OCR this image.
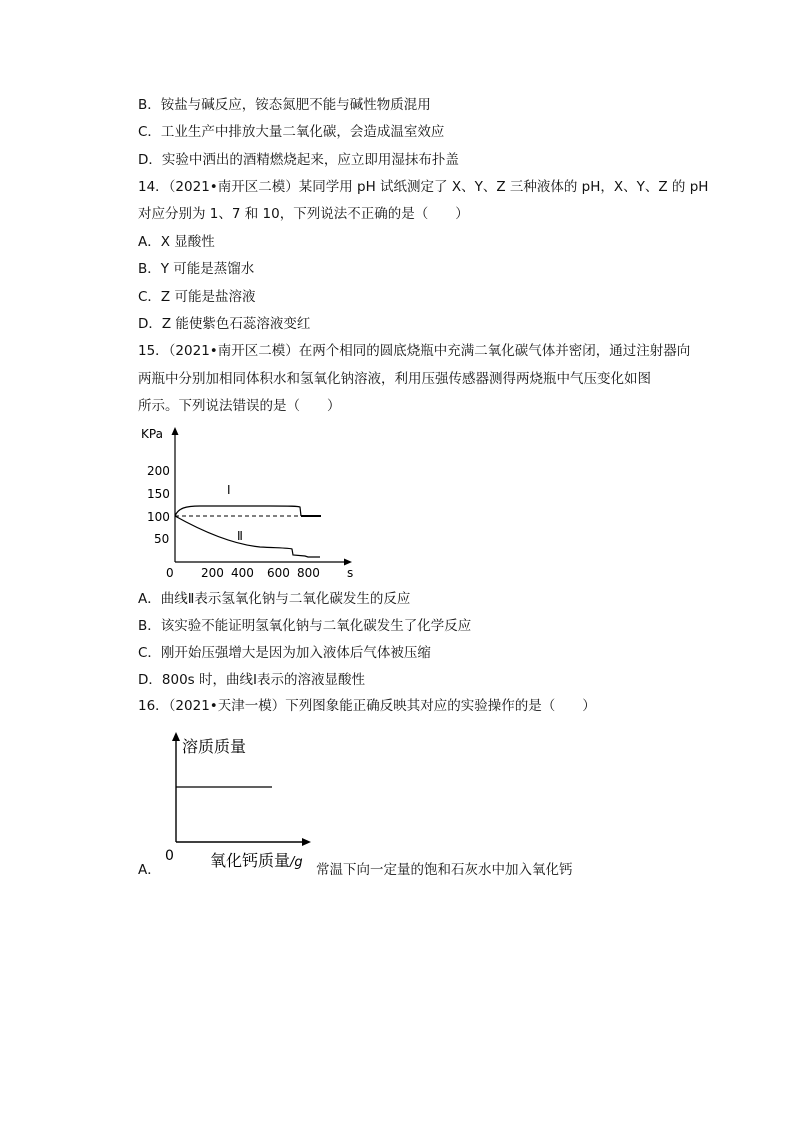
B．铵盐与碱反应，铵态氮肥不能与碱性物质混用
C．工业生产中排放大量二氧化碳，会造成温室效应
D．实验中洒出的酒精燃烧起来，应立即用湿抹布扑盖
14．（2021•南开区二模）某同学用 pH 试纸测定了 X、Y、Z 三种液体的 pH，X、Y、Z 的 pH
对应分别为 1、7 和 10，下列说法不正确的是（　　）
A．X 显酸性
B．Y 可能是蒸馏水
C．Z 可能是盐溶液
D．Z 能使紫色石蕊溶液变红
15．（2021•南开区二模）在两个相同的圆底烧瓶中充满二氧化碳气体并密闭，通过注射器向
两瓶中分别加相同体积水和氢氧化钠溶液，利用压强传感器测得两烧瓶中气压变化如图
所示。下列说法错误的是（　　）
KPa
s
200
150
100
50
0 200 400 600 800
Ⅰ
Ⅱ
A．曲线Ⅱ表示氢氧化钠与二氧化碳发生的反应
B．该实验不能证明氢氧化钠与二氧化碳发生了化学反应
C．刚开始压强增大是因为加入液体后气体被压缩
D．800s 时，曲线Ⅰ表示的溶液显酸性
16．（2021•天津一模）下列图象能正确反映其对应的实验操作的是（　　）
溶质质量
0 氧化钙质量 /g
A．	常温下向一定量的饱和石灰水中加入氧化钙
